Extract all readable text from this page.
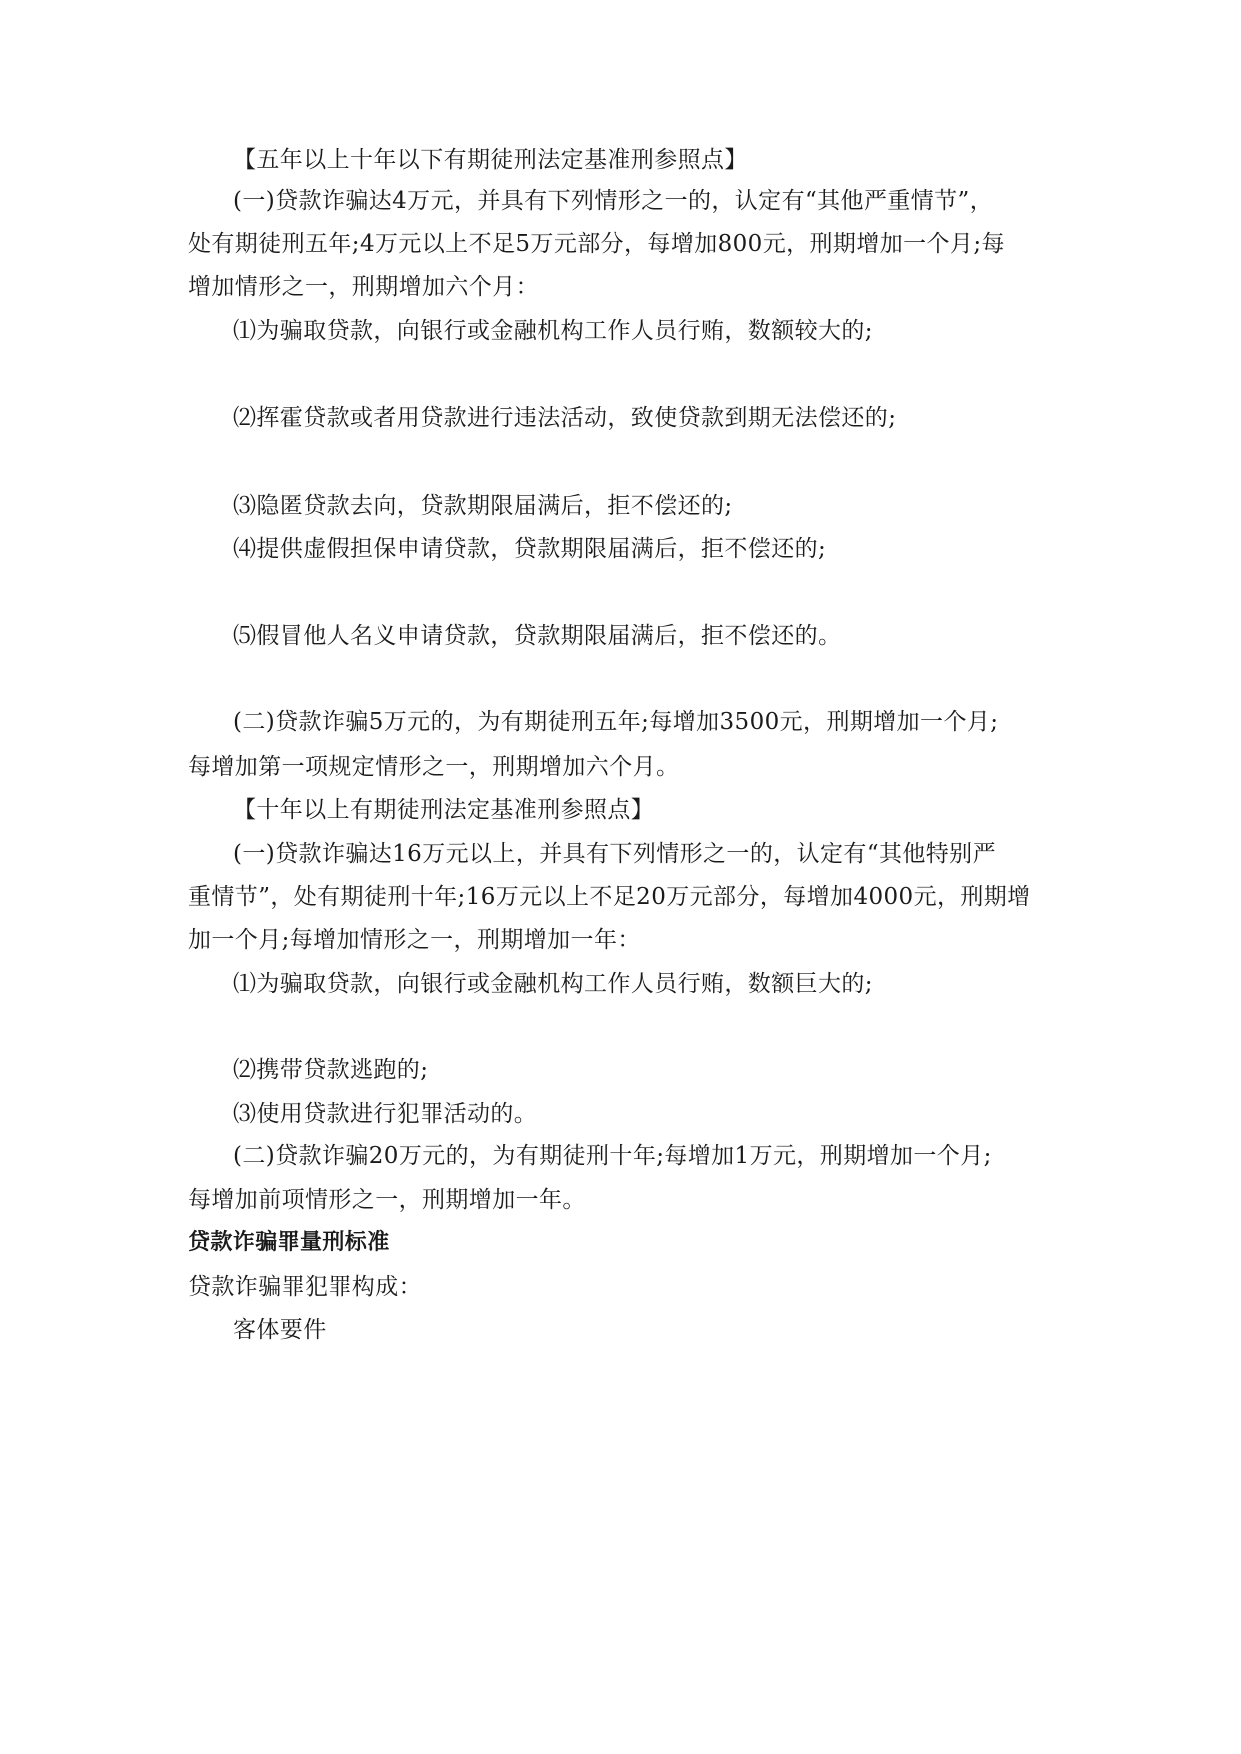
【五年以上十年以下有期徒刑法定基准刑参照点】
(一)贷款诈骗达4万元，并具有下列情形之一的，认定有“其他严重情节”，
处有期徒刑五年;4万元以上不足5万元部分，每增加800元，刑期增加一个月;每
增加情形之一，刑期增加六个月：
⑴为骗取贷款，向银行或金融机构工作人员行贿，数额较大的;
⑵挥霍贷款或者用贷款进行违法活动，致使贷款到期无法偿还的;
⑶隐匿贷款去向，贷款期限届满后，拒不偿还的;
⑷提供虚假担保申请贷款，贷款期限届满后，拒不偿还的;
⑸假冒他人名义申请贷款，贷款期限届满后，拒不偿还的。
(二)贷款诈骗5万元的，为有期徒刑五年;每增加3500元，刑期增加一个月;
每增加第一项规定情形之一，刑期增加六个月。
【十年以上有期徒刑法定基准刑参照点】
(一)贷款诈骗达16万元以上，并具有下列情形之一的，认定有“其他特别严
重情节”，处有期徒刑十年;16万元以上不足20万元部分，每增加4000元，刑期增
加一个月;每增加情形之一，刑期增加一年：
⑴为骗取贷款，向银行或金融机构工作人员行贿，数额巨大的;
⑵携带贷款逃跑的;
⑶使用贷款进行犯罪活动的。
(二)贷款诈骗20万元的，为有期徒刑十年;每增加1万元，刑期增加一个月;
每增加前项情形之一，刑期增加一年。
贷款诈骗罪量刑标准
贷款诈骗罪犯罪构成：
客体要件
